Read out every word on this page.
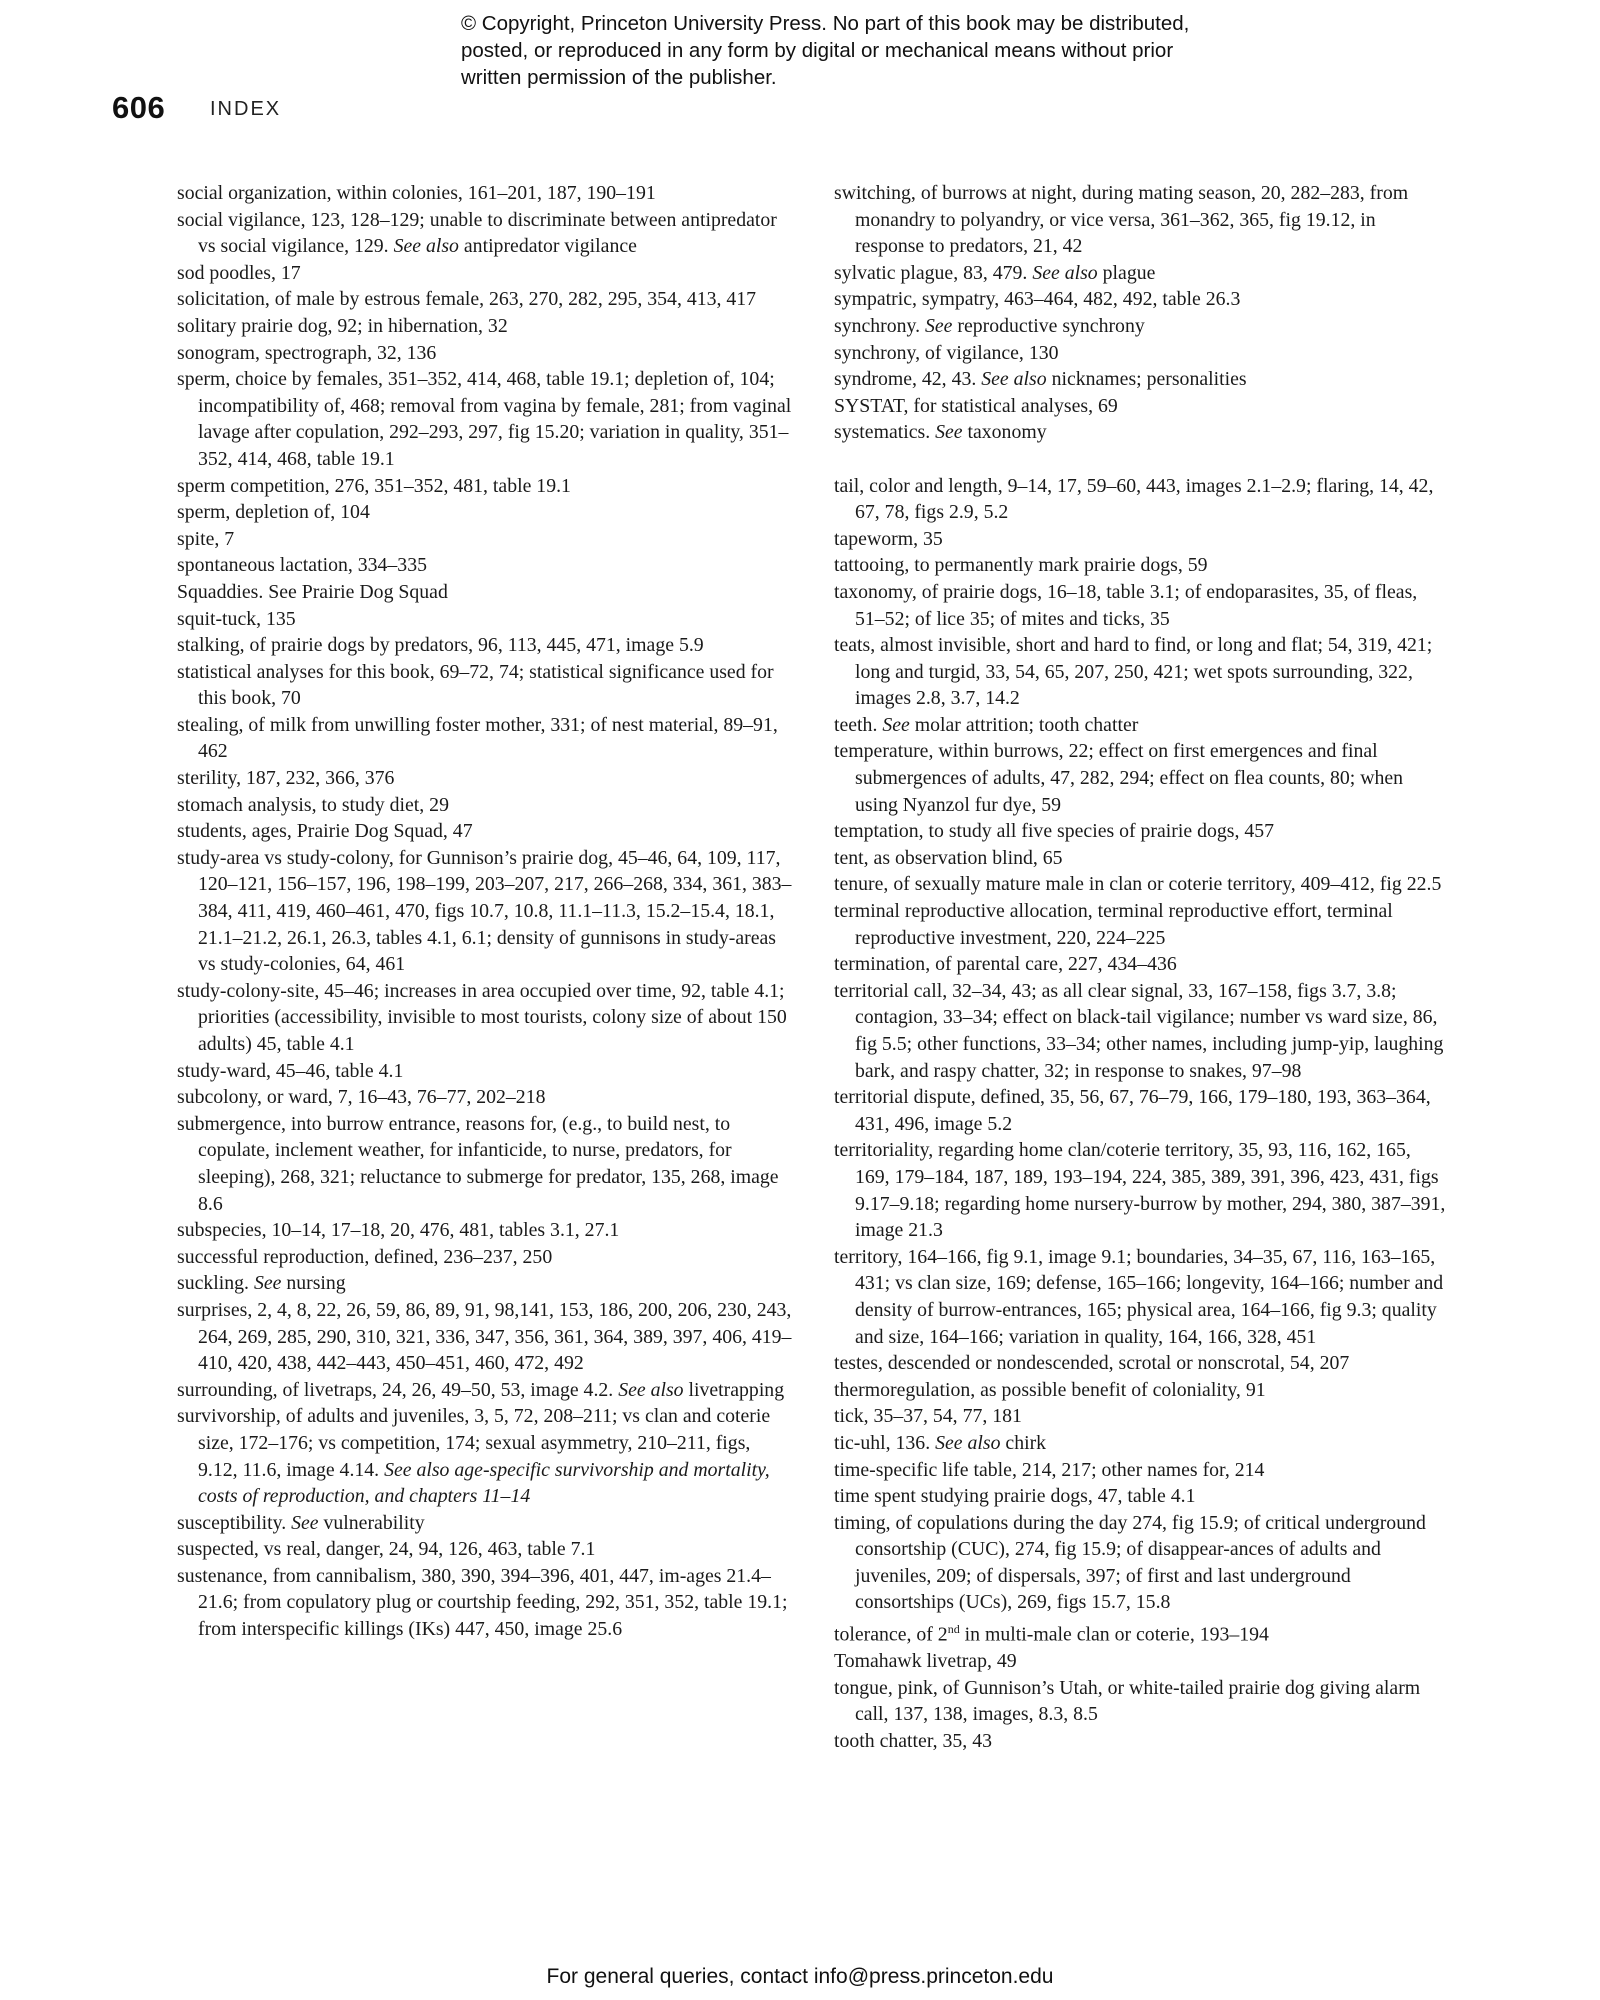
© Copyright, Princeton University Press. No part of this book may be distributed, posted, or reproduced in any form by digital or mechanical means without prior written permission of the publisher.
606 INDEX
social organization, within colonies, 161–201, 187, 190–191
social vigilance, 123, 128–129; unable to discriminate between antipredator vs social vigilance, 129. See also antipredator vigilance
sod poodles, 17
solicitation, of male by estrous female, 263, 270, 282, 295, 354, 413, 417
solitary prairie dog, 92; in hibernation, 32
sonogram, spectrograph, 32, 136
sperm, choice by females, 351–352, 414, 468, table 19.1; depletion of, 104; incompatibility of, 468; removal from vagina by female, 281; from vaginal lavage after copulation, 292–293, 297, fig 15.20; variation in quality, 351–352, 414, 468, table 19.1
sperm competition, 276, 351–352, 481, table 19.1
sperm, depletion of, 104
spite, 7
spontaneous lactation, 334–335
Squaddies. See Prairie Dog Squad
squit-tuck, 135
stalking, of prairie dogs by predators, 96, 113, 445, 471, image 5.9
statistical analyses for this book, 69–72, 74; statistical significance used for this book, 70
stealing, of milk from unwilling foster mother, 331; of nest material, 89–91, 462
sterility, 187, 232, 366, 376
stomach analysis, to study diet, 29
students, ages, Prairie Dog Squad, 47
study-area vs study-colony, for Gunnison’s prairie dog, 45–46, 64, 109, 117, 120–121, 156–157, 196, 198–199, 203–207, 217, 266–268, 334, 361, 383–384, 411, 419, 460–461, 470, figs 10.7, 10.8, 11.1–11.3, 15.2–15.4, 18.1, 21.1–21.2, 26.1, 26.3, tables 4.1, 6.1; density of gunnisons in study-areas vs study-colonies, 64, 461
study-colony-site, 45–46; increases in area occupied over time, 92, table 4.1; priorities (accessibility, invisible to most tourists, colony size of about 150 adults) 45, table 4.1
study-ward, 45–46, table 4.1
subcolony, or ward, 7, 16–43, 76–77, 202–218
submergence, into burrow entrance, reasons for, (e.g., to build nest, to copulate, inclement weather, for infanticide, to nurse, predators, for sleeping), 268, 321; reluctance to submerge for predator, 135, 268, image 8.6
subspecies, 10–14, 17–18, 20, 476, 481, tables 3.1, 27.1
successful reproduction, defined, 236–237, 250
suckling. See nursing
surprises, 2, 4, 8, 22, 26, 59, 86, 89, 91, 98,141, 153, 186, 200, 206, 230, 243, 264, 269, 285, 290, 310, 321, 336, 347, 356, 361, 364, 389, 397, 406, 419–410, 420, 438, 442–443, 450–451, 460, 472, 492
surrounding, of livetraps, 24, 26, 49–50, 53, image 4.2. See also livetrapping
survivorship, of adults and juveniles, 3, 5, 72, 208–211; vs clan and coterie size, 172–176; vs competition, 174; sexual asymmetry, 210–211, figs, 9.12, 11.6, image 4.14. See also age-specific survivorship and mortality, costs of reproduction, and chapters 11–14
susceptibility. See vulnerability
suspected, vs real, danger, 24, 94, 126, 463, table 7.1
sustenance, from cannibalism, 380, 390, 394–396, 401, 447, im-ages 21.4–21.6; from copulatory plug or courtship feeding, 292, 351, 352, table 19.1; from interspecific killings (IKs) 447, 450, image 25.6
switching, of burrows at night, during mating season, 20, 282–283, from monandry to polyandry, or vice versa, 361–362, 365, fig 19.12, in response to predators, 21, 42
sylvatic plague, 83, 479. See also plague
sympatric, sympatry, 463–464, 482, 492, table 26.3
synchrony. See reproductive synchrony
synchrony, of vigilance, 130
syndrome, 42, 43. See also nicknames; personalities
SYSTAT, for statistical analyses, 69
systematics. See taxonomy
tail, color and length, 9–14, 17, 59–60, 443, images 2.1–2.9; flaring, 14, 42, 67, 78, figs 2.9, 5.2
tapeworm, 35
tattooing, to permanently mark prairie dogs, 59
taxonomy, of prairie dogs, 16–18, table 3.1; of endoparasites, 35, of fleas, 51–52; of lice 35; of mites and ticks, 35
teats, almost invisible, short and hard to find, or long and flat; 54, 319, 421; long and turgid, 33, 54, 65, 207, 250, 421; wet spots surrounding, 322, images 2.8, 3.7, 14.2
teeth. See molar attrition; tooth chatter
temperature, within burrows, 22; effect on first emergences and final submergences of adults, 47, 282, 294; effect on flea counts, 80; when using Nyanzol fur dye, 59
temptation, to study all five species of prairie dogs, 457
tent, as observation blind, 65
tenure, of sexually mature male in clan or coterie territory, 409–412, fig 22.5
terminal reproductive allocation, terminal reproductive effort, terminal reproductive investment, 220, 224–225
termination, of parental care, 227, 434–436
territorial call, 32–34, 43; as all clear signal, 33, 167–158, figs 3.7, 3.8; contagion, 33–34; effect on black-tail vigilance; number vs ward size, 86, fig 5.5; other functions, 33–34; other names, including jump-yip, laughing bark, and raspy chatter, 32; in response to snakes, 97–98
territorial dispute, defined, 35, 56, 67, 76–79, 166, 179–180, 193, 363–364, 431, 496, image 5.2
territoriality, regarding home clan/coterie territory, 35, 93, 116, 162, 165, 169, 179–184, 187, 189, 193–194, 224, 385, 389, 391, 396, 423, 431, figs 9.17–9.18; regarding home nursery-burrow by mother, 294, 380, 387–391, image 21.3
territory, 164–166, fig 9.1, image 9.1; boundaries, 34–35, 67, 116, 163–165, 431; vs clan size, 169; defense, 165–166; longevity, 164–166; number and density of burrow-entrances, 165; physical area, 164–166, fig 9.3; quality and size, 164–166; variation in quality, 164, 166, 328, 451
testes, descended or nondescended, scrotal or nonscrotal, 54, 207
thermoregulation, as possible benefit of coloniality, 91
tick, 35–37, 54, 77, 181
tic-uhl, 136. See also chirk
time-specific life table, 214, 217; other names for, 214
time spent studying prairie dogs, 47, table 4.1
timing, of copulations during the day 274, fig 15.9; of critical underground consortship (CUC), 274, fig 15.9; of disappear-ances of adults and juveniles, 209; of dispersals, 397; of first and last underground consortships (UCs), 269, figs 15.7, 15.8
tolerance, of 2nd in multi-male clan or coterie, 193–194
Tomahawk livetrap, 49
tongue, pink, of Gunnison’s Utah, or white-tailed prairie dog giving alarm call, 137, 138, images, 8.3, 8.5
tooth chatter, 35, 43
For general queries, contact info@press.princeton.edu
